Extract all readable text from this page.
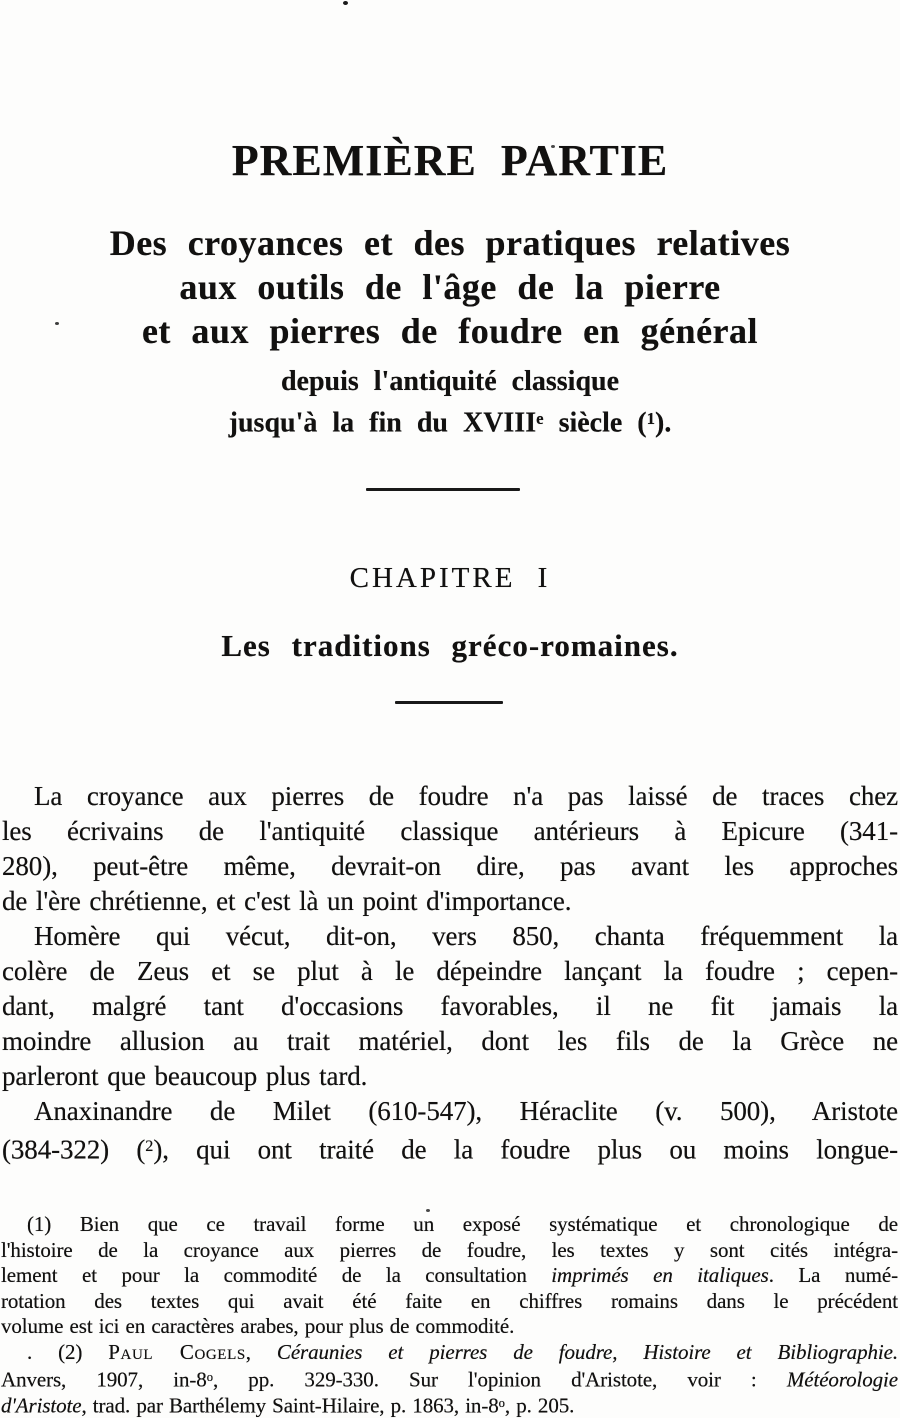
PREMIÈRE PARTIE
Des croyances et des pratiques relatives
aux outils de l'âge de la pierre
et aux pierres de foudre en général
depuis l'antiquité classique
jusqu'à la fin du XVIIIe siècle ($^1$).
CHAPITRE I
Les traditions gréco-romaines.
La croyance aux pierres de foudre n'a pas laissé de traces chez
les écrivains de l'antiquité classique antérieurs à Epicure (341-
280), peut-être même, devrait-on dire, pas avant les approches
de l'ère chrétienne, et c'est là un point d'importance.
Homère qui vécut, dit-on, vers 850, chanta fréquemment la
colère de Zeus et se plut à le dépeindre lançant la foudre ; cepen-
dant, malgré tant d'occasions favorables, il ne fit jamais la
moindre allusion au trait matériel, dont les fils de la Grèce ne
parleront que beaucoup plus tard.
Anaxinandre de Milet (610-547), Héraclite (v. 500), Aristote
(384-322) ($^2$), qui ont traité de la foudre plus ou moins longue-
(1) Bien que ce travail forme un exposé systématique et chronologique de
l'histoire de la croyance aux pierres de foudre, les textes y sont cités intégra-
lement et pour la commodité de la consultation imprimés en italiques. La numé-
rotation des textes qui avait été faite en chiffres romains dans le précédent
volume est ici en caractères arabes, pour plus de commodité.
. (2) Paul Cogels, Céraunies et pierres de foudre, Histoire et Bibliographie.
Anvers, 1907, in-8$^o$, pp. 329-330. Sur l'opinion d'Aristote, voir : Météorologie
d'Aristote, trad. par Barthélemy Saint-Hilaire, p. 1863, in-8$^o$, p. 205.
